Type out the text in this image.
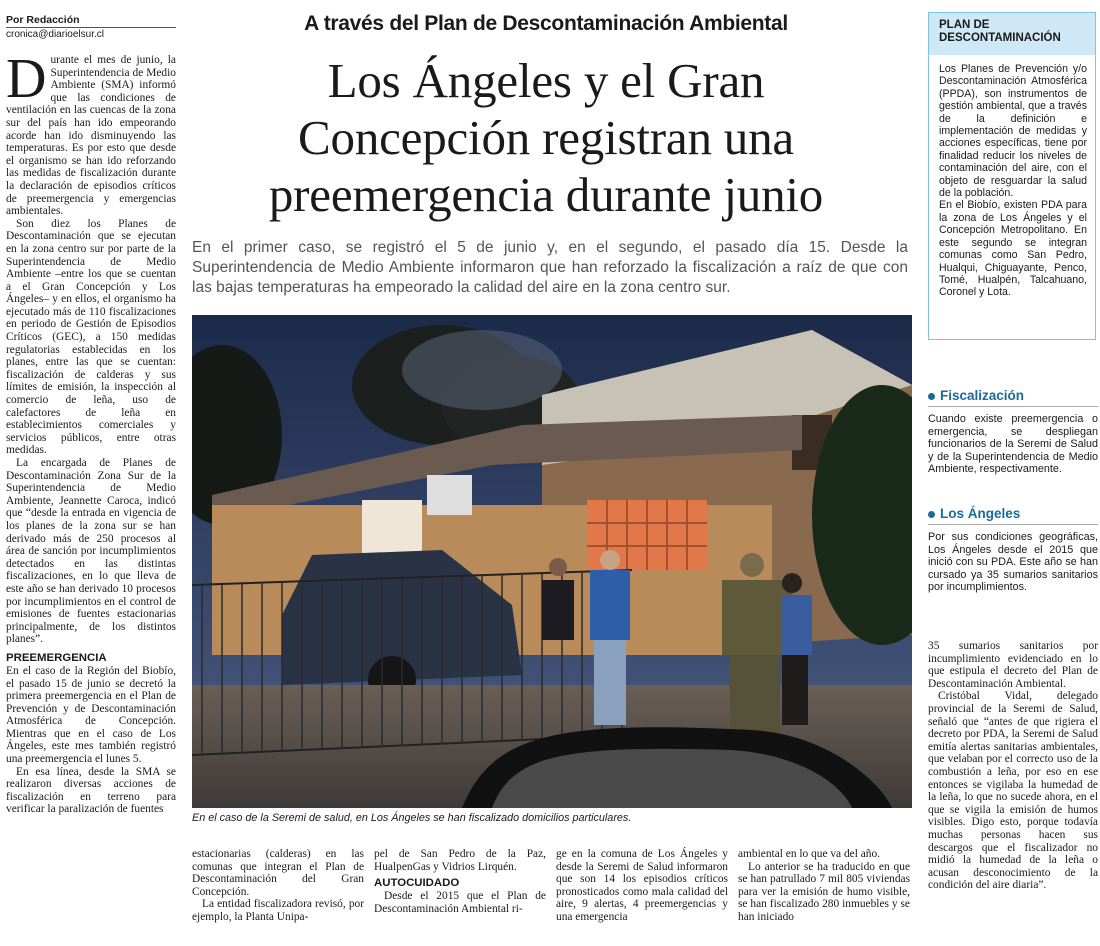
Por Redacción
cronica@diarioelsur.cl

Durante el mes de junio, la Superintendencia de Medio Ambiente (SMA) informó que las condiciones de ventilación en las cuencas de la zona sur del país han ido empeorando acorde han ido disminuyendo las temperaturas. Es por esto que desde el organismo se han ido reforzando las medidas de fiscalización durante la declaración de episodios críticos de preemergencia y emergencias ambientales.

Son diez los Planes de Descontaminación que se ejecutan en la zona centro sur por parte de la Superintendencia de Medio Ambiente –entre los que se cuentan a el Gran Concepción y Los Ángeles– y en ellos, el organismo ha ejecutado más de 110 fiscalizaciones en periodo de Gestión de Episodios Críticos (GEC), a 150 medidas regulatorias establecidas en los planes, entre las que se cuentan: fiscalización de calderas y sus límites de emisión, la inspección al comercio de leña, uso de calefactores de leña en establecimientos comerciales y servicios públicos, entre otras medidas.

La encargada de Planes de Descontaminación Zona Sur de la Superintendencia de Medio Ambiente, Jeannette Caroca, indicó que “desde la entrada en vigencia de los planes de la zona sur se han derivado más de 250 procesos al área de sanción por incumplimientos detectados en las distintas fiscalizaciones, en lo que lleva de este año se han derivado 10 procesos por incumplimientos en el control de emisiones de fuentes estacionarias principalmente, de los distintos planes”.

PREEMERGENCIA

En el caso de la Región del Biobío, el pasado 15 de junio se decretó la primera preemergencia en el Plan de Prevención y de Descontaminación Atmosférica de Concepción. Mientras que en el caso de Los Ángeles, este mes también registró una preemergencia el lunes 5.

En esa línea, desde la SMA se realizaron diversas acciones de fiscalización en terreno para verificar la paralización de fuentes

A través del Plan de Descontaminación Ambiental
Los Ángeles y el Gran
Concepción registran una
preemergencia durante junio
En el primer caso, se registró el 5 de junio y, en el segundo, el pasado día 15. Desde la Superintendencia de Medio Ambiente informaron que han reforzado la fiscalización a raíz de que con las bajas temperaturas ha empeorado la calidad del aire en la zona centro sur.
En el caso de la Seremi de salud, en Los Ángeles se han fiscalizado domicilios particulares.

estacionarias (calderas) en las comunas que integran el Plan de Descontaminación del Gran Concepción.

La entidad fiscalizadora revisó, por ejemplo, la Planta Unipa-

pel de San Pedro de la Paz, HualpenGas y Vidrios Lirquén.

AUTOCUIDADO

Desde el 2015 que el Plan de Descontaminación Ambiental ri-

ge en la comuna de Los Ángeles y desde la Seremi de Salud informaron que son 14 los episodios críticos pronosticados como mala calidad del aire, 9 alertas, 4 preemergencias y una emergencia

ambiental en lo que va del año.

Lo anterior se ha traducido en que se han patrullado 7 mil 805 viviendas para ver la emisión de humo visible, se han fiscalizado 280 inmuebles y se han iniciado

PLAN DE DESCONTAMINACIÓN

Los Planes de Prevención y/o Descontaminación Atmosférica (PPDA), son instrumentos de gestión ambiental, que a través de la definición e implementación de medidas y acciones específicas, tiene por finalidad reducir los niveles de contaminación del aire, con el objeto de resguardar la salud de la población.

En el Biobío, existen PDA para la zona de Los Ángeles y el Concepción Metropolitano. En este segundo se integran comunas como San Pedro, Hualqui, Chiguayante, Penco, Tomé, Hualpén, Talcahuano, Coronel y Lota.

Fiscalización
Cuando existe preemergencia o emergencia, se despliegan funcionarios de la Seremi de Salud y de la Superintendencia de Medio Ambiente, respectivamente.
Los Ángeles
Por sus condiciones geográficas, Los Ángeles desde el 2015 que inició con su PDA. Este año se han cursado ya 35 sumarios sanitarios por incumplimientos.

35 sumarios sanitarios por incumplimiento evidenciado en lo que estipula el decreto del Plan de Descontaminación Ambiental.

Cristóbal Vidal, delegado provincial de la Seremi de Salud, señaló que “antes de que rigiera el decreto por PDA, la Seremi de Salud emitía alertas sanitarias ambientales, que velaban por el correcto uso de la combustión a leña, por eso en ese entonces se vigilaba la humedad de la leña, lo que no sucede ahora, en el que se vigila la emisión de humos visibles. Digo esto, porque todavía muchas personas hacen sus descargos que el fiscalizador no midió la humedad de la leña o acusan desconocimiento de la condición del aire diaria”.
